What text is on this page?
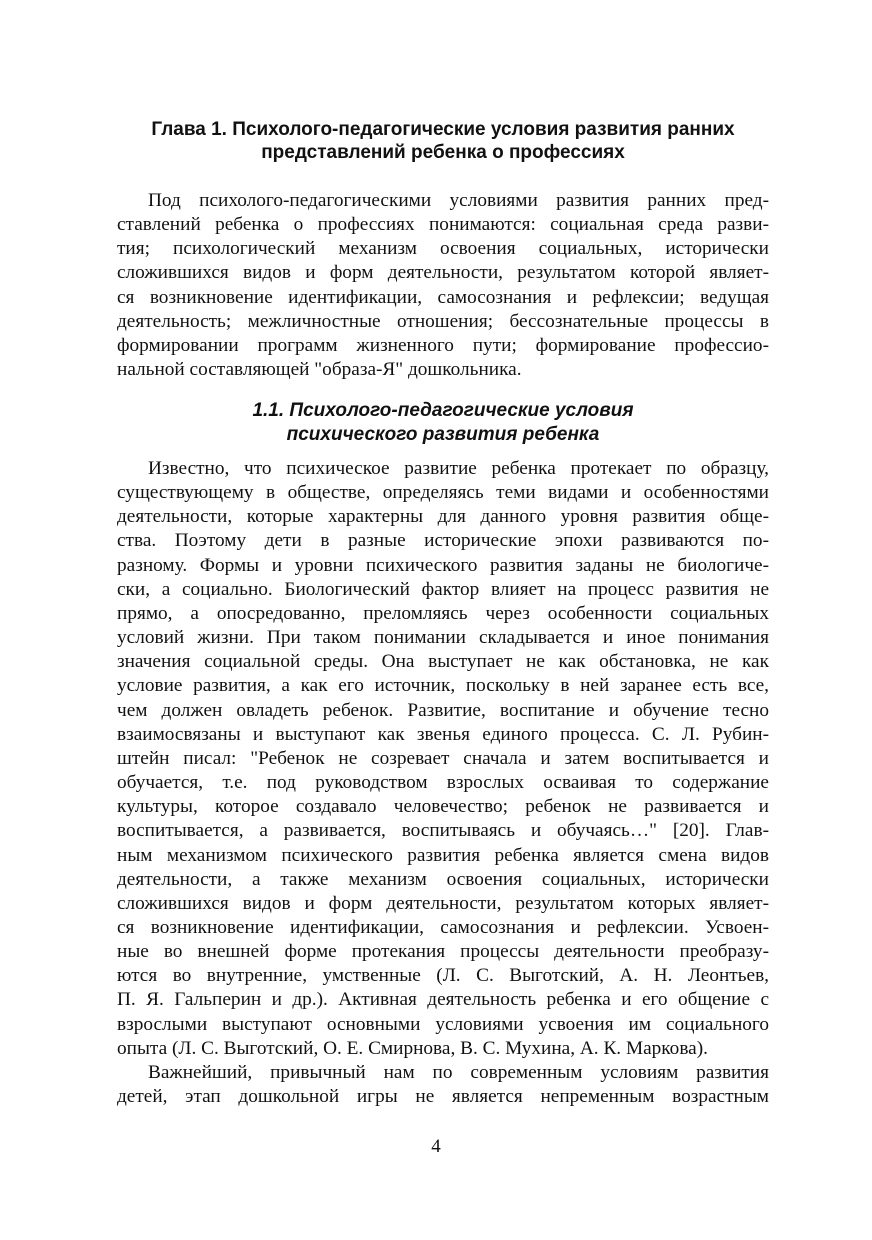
Глава 1. Психолого-педагогические условия развития ранних
представлений ребенка о профессиях
Под психолого-педагогическими условиями развития ранних пред-
ставлений ребенка о профессиях понимаются: социальная среда разви-
тия; психологический механизм освоения социальных, исторически
сложившихся видов и форм деятельности, результатом которой являет-
ся возникновение идентификации, самосознания и рефлексии; ведущая
деятельность; межличностные отношения; бессознательные процессы в
формировании программ жизненного пути; формирование профессио-
нальной составляющей "образа-Я" дошкольника.
1.1. Психолого-педагогические условия
психического развития ребенка
Известно, что психическое развитие ребенка протекает по образцу,
существующему в обществе, определяясь теми видами и особенностями
деятельности, которые характерны для данного уровня развития обще-
ства. Поэтому дети в разные исторические эпохи развиваются по-
разному. Формы и уровни психического развития заданы не биологиче-
ски, а социально. Биологический фактор влияет на процесс развития не
прямо, а опосредованно, преломляясь через особенности социальных
условий жизни. При таком понимании складывается и иное понимания
значения социальной среды. Она выступает не как обстановка, не как
условие развития, а как его источник, поскольку в ней заранее есть все,
чем должен овладеть ребенок. Развитие, воспитание и обучение тесно
взаимосвязаны и выступают как звенья единого процесса. С. Л. Рубин-
штейн писал: "Ребенок не созревает сначала и затем воспитывается и
обучается, т.е. под руководством взрослых осваивая то содержание
культуры, которое создавало человечество; ребенок не развивается и
воспитывается, а развивается, воспитываясь и обучаясь…" [20]. Глав-
ным механизмом психического развития ребенка является смена видов
деятельности, а также механизм освоения социальных, исторически
сложившихся видов и форм деятельности, результатом которых являет-
ся возникновение идентификации, самосознания и рефлексии. Усвоен-
ные во внешней форме протекания процессы деятельности преобразу-
ются во внутренние, умственные (Л. С. Выготский, А. Н. Леонтьев,
П. Я. Гальперин и др.). Активная деятельность ребенка и его общение с
взрослыми выступают основными условиями усвоения им социального
опыта (Л. С. Выготский, О. Е. Смирнова, В. С. Мухина, А. К. Маркова).
Важнейший, привычный нам по современным условиям развития
детей, этап дошкольной игры не является непременным возрастным
4
